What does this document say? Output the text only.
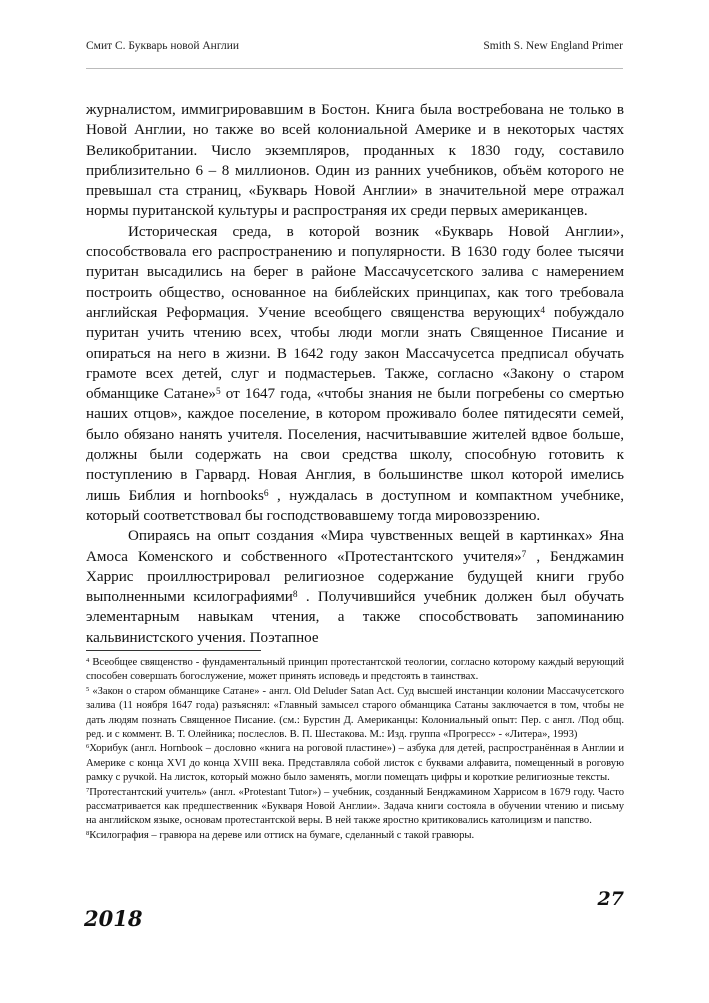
Смит С. Букварь новой Англии	Smith S. New England Primer

журналистом, иммигрировавшим в Бостон. Книга была востребована не только в Новой Англии, но также во всей колониальной Америке и в некоторых частях Великобритании. Число экземпляров, проданных к 1830 году, составило приблизительно 6 – 8 миллионов. Один из ранних учебников, объём которого не превышал ста страниц, «Букварь Новой Англии» в значительной мере отражал нормы пуританской культуры и распространяя их среди первых американцев.

Историческая среда, в которой возник «Букварь Новой Англии», способствовала его распространению и популярности. В 1630 году более тысячи пуритан высадились на берег в районе Массачусетского залива с намерением построить общество, основанное на библейских принципах, как того требовала английская Реформация. Учение всеобщего священства верующих$^4$ побуждало пуритан учить чтению всех, чтобы люди могли знать Священное Писание и опираться на него в жизни. В 1642 году закон Массачусетса предписал обучать грамоте всех детей, слуг и подмастерьев. Также, согласно «Закону о старом обманщике Сатане»$^5$ от 1647 года, «чтобы знания не были погребены со смертью наших отцов», каждое поселение, в котором проживало более пятидесяти семей, было обязано нанять учителя. Поселения, насчитывавшие жителей вдвое больше, должны были содержать на свои средства школу, способную готовить к поступлению в Гарвард. Новая Англия, в большинстве школ которой имелись лишь Библия и hornbooks$^6$ , нуждалась в доступном и компактном учебнике, который соответствовал бы господствовавшему тогда мировоззрению.

Опираясь на опыт создания «Мира чувственных вещей в картинках» Яна Амоса Коменского и собственного «Протестантского учителя»$^7$ , Бенджамин Харрис проиллюстрировал религиозное содержание будущей книги грубо выполненными ксилографиями$^8$ . Получившийся учебник должен был обучать элементарным навыкам чтения, а также способствовать запоминанию кальвинистского учения. Поэтапное

$^4$ Всеобщее священство - фундаментальный принцип протестантской теологии, согласно которому каждый верующий способен совершать богослужение, может принять исповедь и предстоять в таинствах.

$^5$ «Закон о старом обманщике Сатане» - англ. Old Deluder Satan Act. Суд высшей инстанции колонии Массачусетского залива (11 ноября 1647 года) разъяснял: «Главный замысел старого обманщика Сатаны заключается в том, чтобы не дать людям познать Священное Писание. (см.: Бурстин Д. Американцы: Колониальный опыт: Пер. с англ. /Под общ. ред. и с коммент. В. Т. Олейника; послеслов. В. П. Шестакова. М.: Изд. группа «Прогресс» - «Литера», 1993)

$^6$Хорибук (англ. Hornbook – дословно «книга на роговой пластине») – азбука для детей, распространённая в Англии и Америке с конца XVI до конца XVIII века. Представляла собой листок с буквами алфавита, помещенный в роговую рамку с ручкой. На листок, который можно было заменять, могли помещать цифры и короткие религиозные тексты.

$^7$Протестантский учитель» (англ. «Protestant Tutor») – учебник, созданный Бенджамином Харрисом в 1679 году. Часто рассматривается как предшественник «Букваря Новой Англии». Задача книги состояла в обучении чтению и письму на английском языке, основам протестантской веры. В ней также яростно критиковались католицизм и папство.

$^8$Ксилография – гравюра на дереве или оттиск на бумаге, сделанный с такой гравюры.

27
2018
